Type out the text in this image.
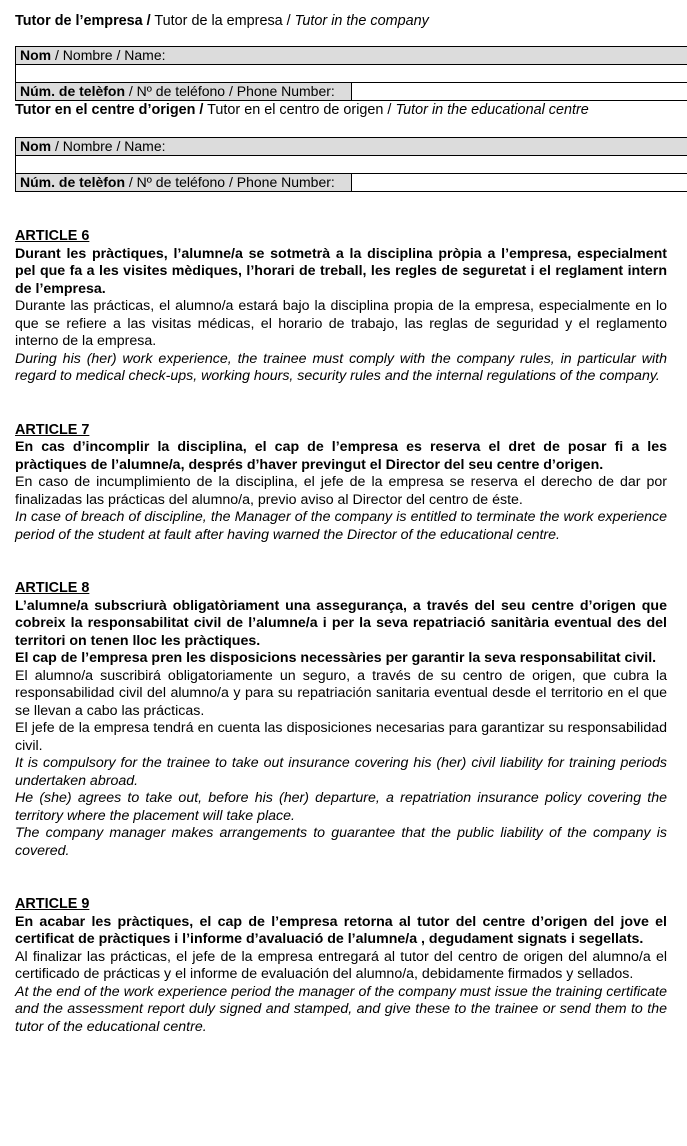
Tutor de l’empresa / Tutor de la empresa / Tutor in the company

Nom / Nombre / Name:

Núm. de telèfon / Nº de teléfono / Phone Number:	

Tutor en el centre d’origen / Tutor en el centro de origen / Tutor in the educational centre

Nom / Nombre / Name:

Núm. de telèfon / Nº de teléfono / Phone Number:	
ARTICLE 6

Durant les pràctiques, l’alumne/a se sotmetrà a la disciplina pròpia a l’empresa, especialment pel que fa a les visites mèdiques, l’horari de treball, les regles de seguretat i el reglament intern de l’empresa.

Durante las prácticas, el alumno/a estará bajo la disciplina propia de la empresa, especialmente en lo que se refiere a las visitas médicas, el horario de trabajo, las reglas de seguridad y el reglamento interno de la empresa.

During his (her) work experience, the trainee must comply with the company rules, in particular with regard to medical check-ups, working hours, security rules and the internal regulations of the company.

ARTICLE 7

En cas d’incomplir la disciplina, el cap de l’empresa es reserva el dret de posar fi a les pràctiques de l’alumne/a, després d’haver previngut el Director del seu centre d’origen.

En caso de incumplimiento de la disciplina, el jefe de la empresa se reserva el derecho de dar por finalizadas las prácticas del alumno/a, previo aviso al Director del centro de éste.

In case of breach of discipline, the Manager of the company is entitled to terminate the work experience period of the student at fault after having warned the Director of the educational centre.

ARTICLE 8

L’alumne/a subscriurà obligatòriament una assegurança, a través del seu centre d’origen que cobreix la responsabilitat civil de l’alumne/a i per la seva repatriació sanitària eventual des del territori on tenen lloc les pràctiques.

El cap de l’empresa pren les disposicions necessàries per garantir la seva responsabilitat civil.

El alumno/a suscribirá obligatoriamente un seguro, a través de su centro de origen, que cubra la responsabilidad civil del alumno/a y para su repatriación sanitaria eventual desde el territorio en el que se llevan a cabo las prácticas.

El jefe de la empresa tendrá en cuenta las disposiciones necesarias para garantizar su responsabilidad civil.

It is compulsory for the trainee to take out insurance covering his (her) civil liability for training periods undertaken abroad.

He (she) agrees to take out, before his (her) departure, a repatriation insurance policy covering the territory where the placement will take place.

The company manager makes arrangements to guarantee that the public liability of the company is covered.

ARTICLE 9

En acabar les pràctiques, el cap de l’empresa retorna al tutor del centre d’origen del jove el certificat de pràctiques i l’informe d’avaluació de l’alumne/a , degudament signats i segellats.

Al finalizar las prácticas, el jefe de la empresa entregará al tutor del centro de origen del alumno/a el certificado de prácticas y el informe de evaluación del alumno/a, debidamente firmados y sellados.

At the end of the work experience period the manager of the company must issue the training certificate and the assessment report duly signed and stamped, and give these to the trainee or send them to the tutor of the educational centre.
